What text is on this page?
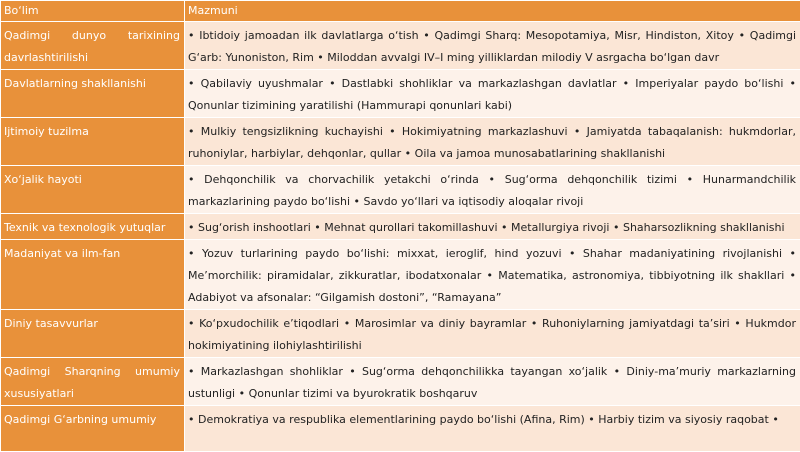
Bo‘lim	Mazmuni
Qadimgi dunyo tarixining davrlashtirilishi	• Ibtidoiy jamoadan ilk davlatlarga o‘tish • Qadimgi Sharq: Mesopotamiya, Misr, Hindiston, Xitoy • Qadimgi G‘arb: Yunoniston, Rim • Miloddan avvalgi IV–I ming yilliklardan milodiy V asrgacha bo‘lgan davr
Davlatlarning shakllanishi	• Qabilaviy uyushmalar • Dastlabki shohliklar va markazlashgan davlatlar • Imperiyalar paydo bo‘lishi • Qonunlar tizimining yaratilishi (Hammurapi qonunlari kabi)
Ijtimoiy tuzilma	• Mulkiy tengsizlikning kuchayishi • Hokimiyatning markazlashuvi • Jamiyatda tabaqalanish: hukmdorlar, ruhoniylar, harbiylar, dehqonlar, qullar • Oila va jamoa munosabatlarining shakllanishi
Xo‘jalik hayoti	• Dehqonchilik va chorvachilik yetakchi o‘rinda • Sug‘orma dehqonchilik tizimi • Hunarmandchilik markazlarining paydo bo‘lishi • Savdo yo‘llari va iqtisodiy aloqalar rivoji
Texnik va texnologik yutuqlar	• Sug‘orish inshootlari • Mehnat qurollari takomillashuvi • Metallurgiya rivoji • Shaharsozlikning shakllanishi
Madaniyat va ilm-fan	• Yozuv turlarining paydo bo‘lishi: mixxat, ieroglif, hind yozuvi • Shahar madaniyatining rivojlanishi • Me’morchilik: piramidalar, zikkuratlar, ibodatxonalar • Matematika, astronomiya, tibbiyotning ilk shakllari • Adabiyot va afsonalar: “Gilgamish dostoni”, “Ramayana”
Diniy tasavvurlar	• Ko‘pxudochilik e’tiqodlari • Marosimlar va diniy bayramlar • Ruhoniylarning jamiyatdagi ta’siri • Hukmdor hokimiyatining ilohiylashtirilishi
Qadimgi Sharqning umumiy xususiyatlari	• Markazlashgan shohliklar • Sug‘orma dehqonchilikka tayangan xo‘jalik • Diniy-ma’muriy markazlarning ustunligi • Qonunlar tizimi va byurokratik boshqaruv
Qadimgi G‘arbning umumiy	• Demokratiya va respublika elementlarining paydo bo‘lishi (Afina, Rim) • Harbiy tizim va siyosiy raqobat •
